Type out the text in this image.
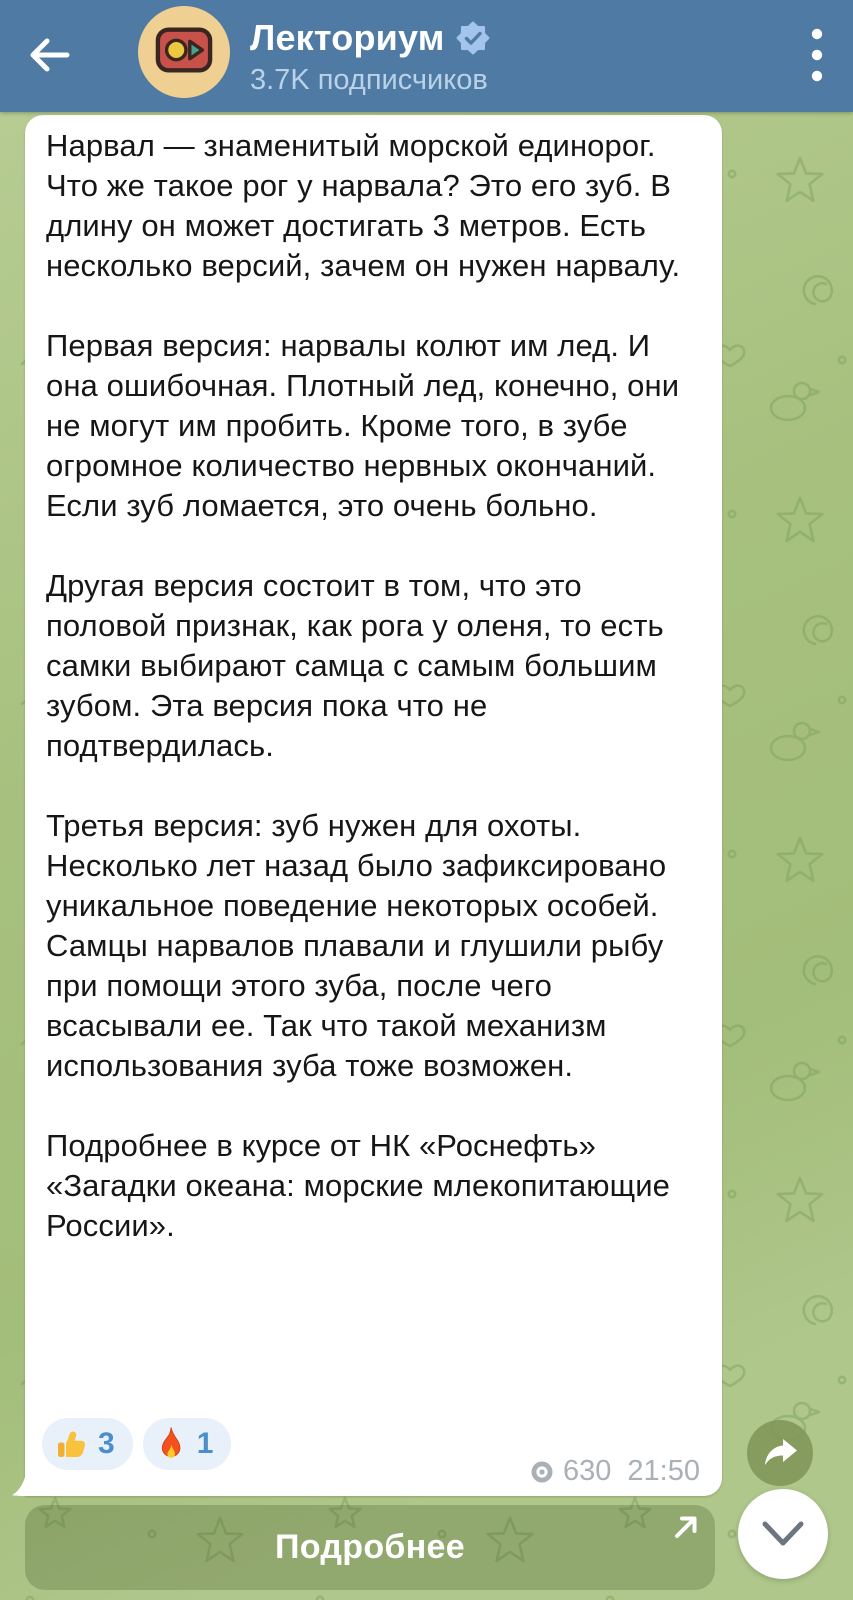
Лекториум
3.7K подписчиков

Нарвал — знаменитый морской единорог. Что же такое рог у нарвала? Это его зуб. В длину он может достигать 3 метров. Есть несколько версий, зачем он нужен нарвалу.

Первая версия: нарвалы колют им лед. И она ошибочная. Плотный лед, конечно, они не могут им пробить. Кроме того, в зубе огромное количество нервных окончаний. Если зуб ломается, это очень больно.

Другая версия состоит в том, что это половой признак, как рога у оленя, то есть самки выбирают самца с самым большим зубом. Эта версия пока что не подтвердилась.

Третья версия: зуб нужен для охоты. Несколько лет назад было зафиксировано уникальное поведение некоторых особей. Самцы нарвалов плавали и глушили рыбу при помощи этого зуба, после чего всасывали ее. Так что такой механизм использования зуба тоже возможен.

Подробнее в курсе от НК «Роснефть» «Загадки океана: морские млекопитающие России».

3	1
630 21:50
Подробнее
